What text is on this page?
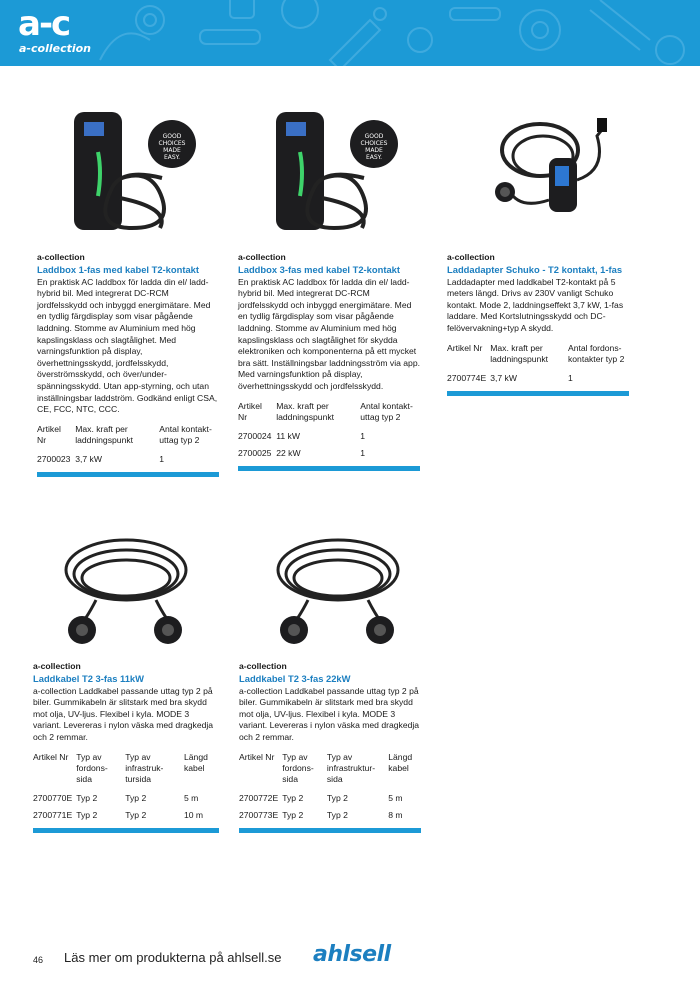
a-c
a-collection
GOOD
CHOICES
MADE
EASY.
GOOD
CHOICES
MADE
EASY.
a-collection
Laddbox 1-fas med kabel T2-kontakt
En praktisk AC laddbox för ladda din el/ ladd-hybrid bil. Med integrerat DC-RCM jordfelsskydd och inbyggd energimätare. Med en tydlig färgdisplay som visar pågående laddning. Stomme av Aluminium med hög kapslingsklass och slagtålighet. Med varningsfunktion på display, överhettningsskydd, jordfelsskydd, överströmsskydd, och över/under-spänningsskydd. Utan app-styrning, och utan inställningsbar laddström. Godkänd enligt CSA, CE, FCC, NTC, CCC.
Artikel Nr	Max. kraft per laddningspunkt	Antal kontakt-uttag typ 2
2700023	3,7 kW	1
a-collection
Laddbox 3-fas med kabel T2-kontakt
En praktisk AC laddbox för ladda din el/ ladd-hybrid bil. Med integrerat DC-RCM jordfelsskydd och inbyggd energimätare. Med en tydlig färgdisplay som visar pågående laddning. Stomme av Aluminium med hög kapslingsklass och slagtålighet för skydda elektroniken och komponenterna på ett mycket bra sätt. Inställningsbar laddningsström via app. Med varningsfunktion på display, överhettningsskydd och jordfelsskydd.
Artikel Nr	Max. kraft per laddningspunkt	Antal kontakt-uttag typ 2
2700024	11 kW	1
2700025	22 kW	1
a-collection
Laddadapter Schuko - T2 kontakt, 1-fas
Laddadapter med laddkabel T2-kontakt på 5 meters längd. Drivs av 230V vanligt Schuko kontakt. Mode 2, laddningseffekt 3,7 kW, 1-fas laddare. Med Kortslutningsskydd och DC-felövervakning+typ A skydd.
Artikel Nr	Max. kraft per laddningspunkt	Antal fordons-kontakter typ 2
2700774E	3,7 kW	1
a-collection
Laddkabel T2 3-fas 11kW
a-collection Laddkabel passande uttag typ 2 på biler. Gummikabeln är slitstark med bra skydd mot olja, UV-ljus. Flexibel i kyla. MODE 3 variant. Levereras i nylon väska med dragkedja och 2 remmar.
Artikel Nr	Typ av fordons-sida	Typ av infrastruk-tursida	Längd kabel
2700770E	Typ 2	Typ 2	5 m
2700771E	Typ 2	Typ 2	10 m
a-collection
Laddkabel T2 3-fas 22kW
a-collection Laddkabel passande uttag typ 2 på biler. Gummikabeln är slitstark med bra skydd mot olja, UV-ljus. Flexibel i kyla. MODE 3 variant. Levereras i nylon väska med dragkedja och 2 remmar.
Artikel Nr	Typ av fordons-sida	Typ av infrastruktur-sida	Längd kabel
2700772E	Typ 2	Typ 2	5 m
2700773E	Typ 2	Typ 2	8 m
46 Läs mer om produkterna på ahlsell.se ahlsell
